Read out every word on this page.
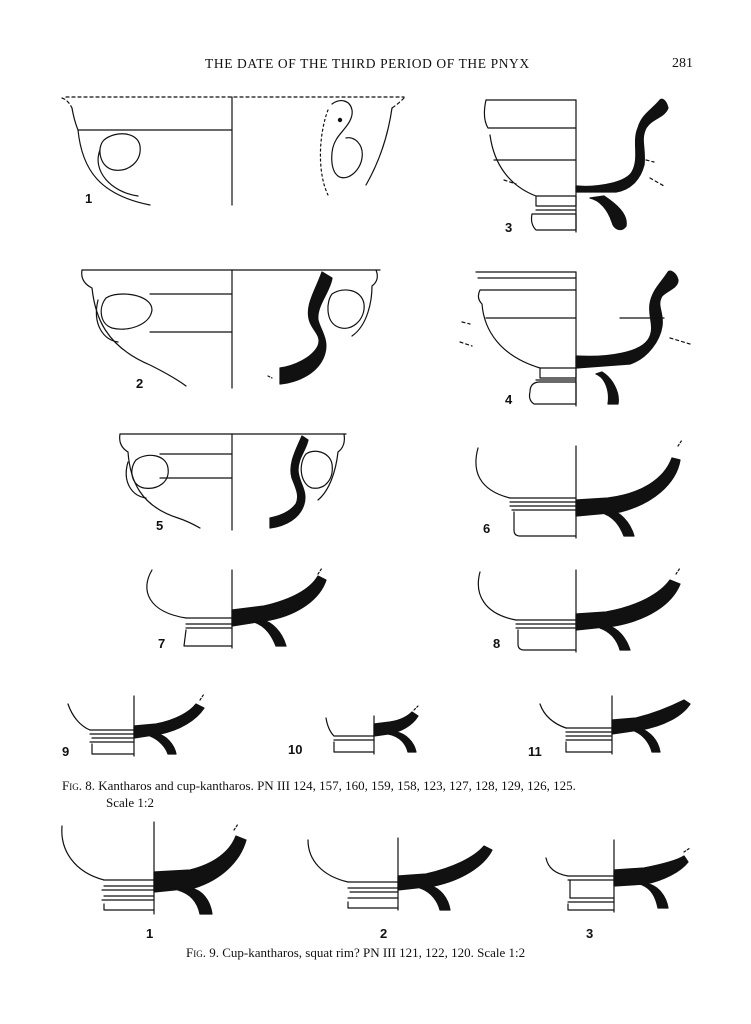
THE DATE OF THE THIRD PERIOD OF THE PNYX	281
1
3
2
4
5	6
7	8
9	10	11
1	2	3
Fig. 8. Kantharos and cup-kantharos. PN III 124, 157, 160, 159, 158, 123, 127, 128, 129, 126, 125.
Scale 1:2
Fig. 9. Cup-kantharos, squat rim? PN III 121, 122, 120. Scale 1:2
